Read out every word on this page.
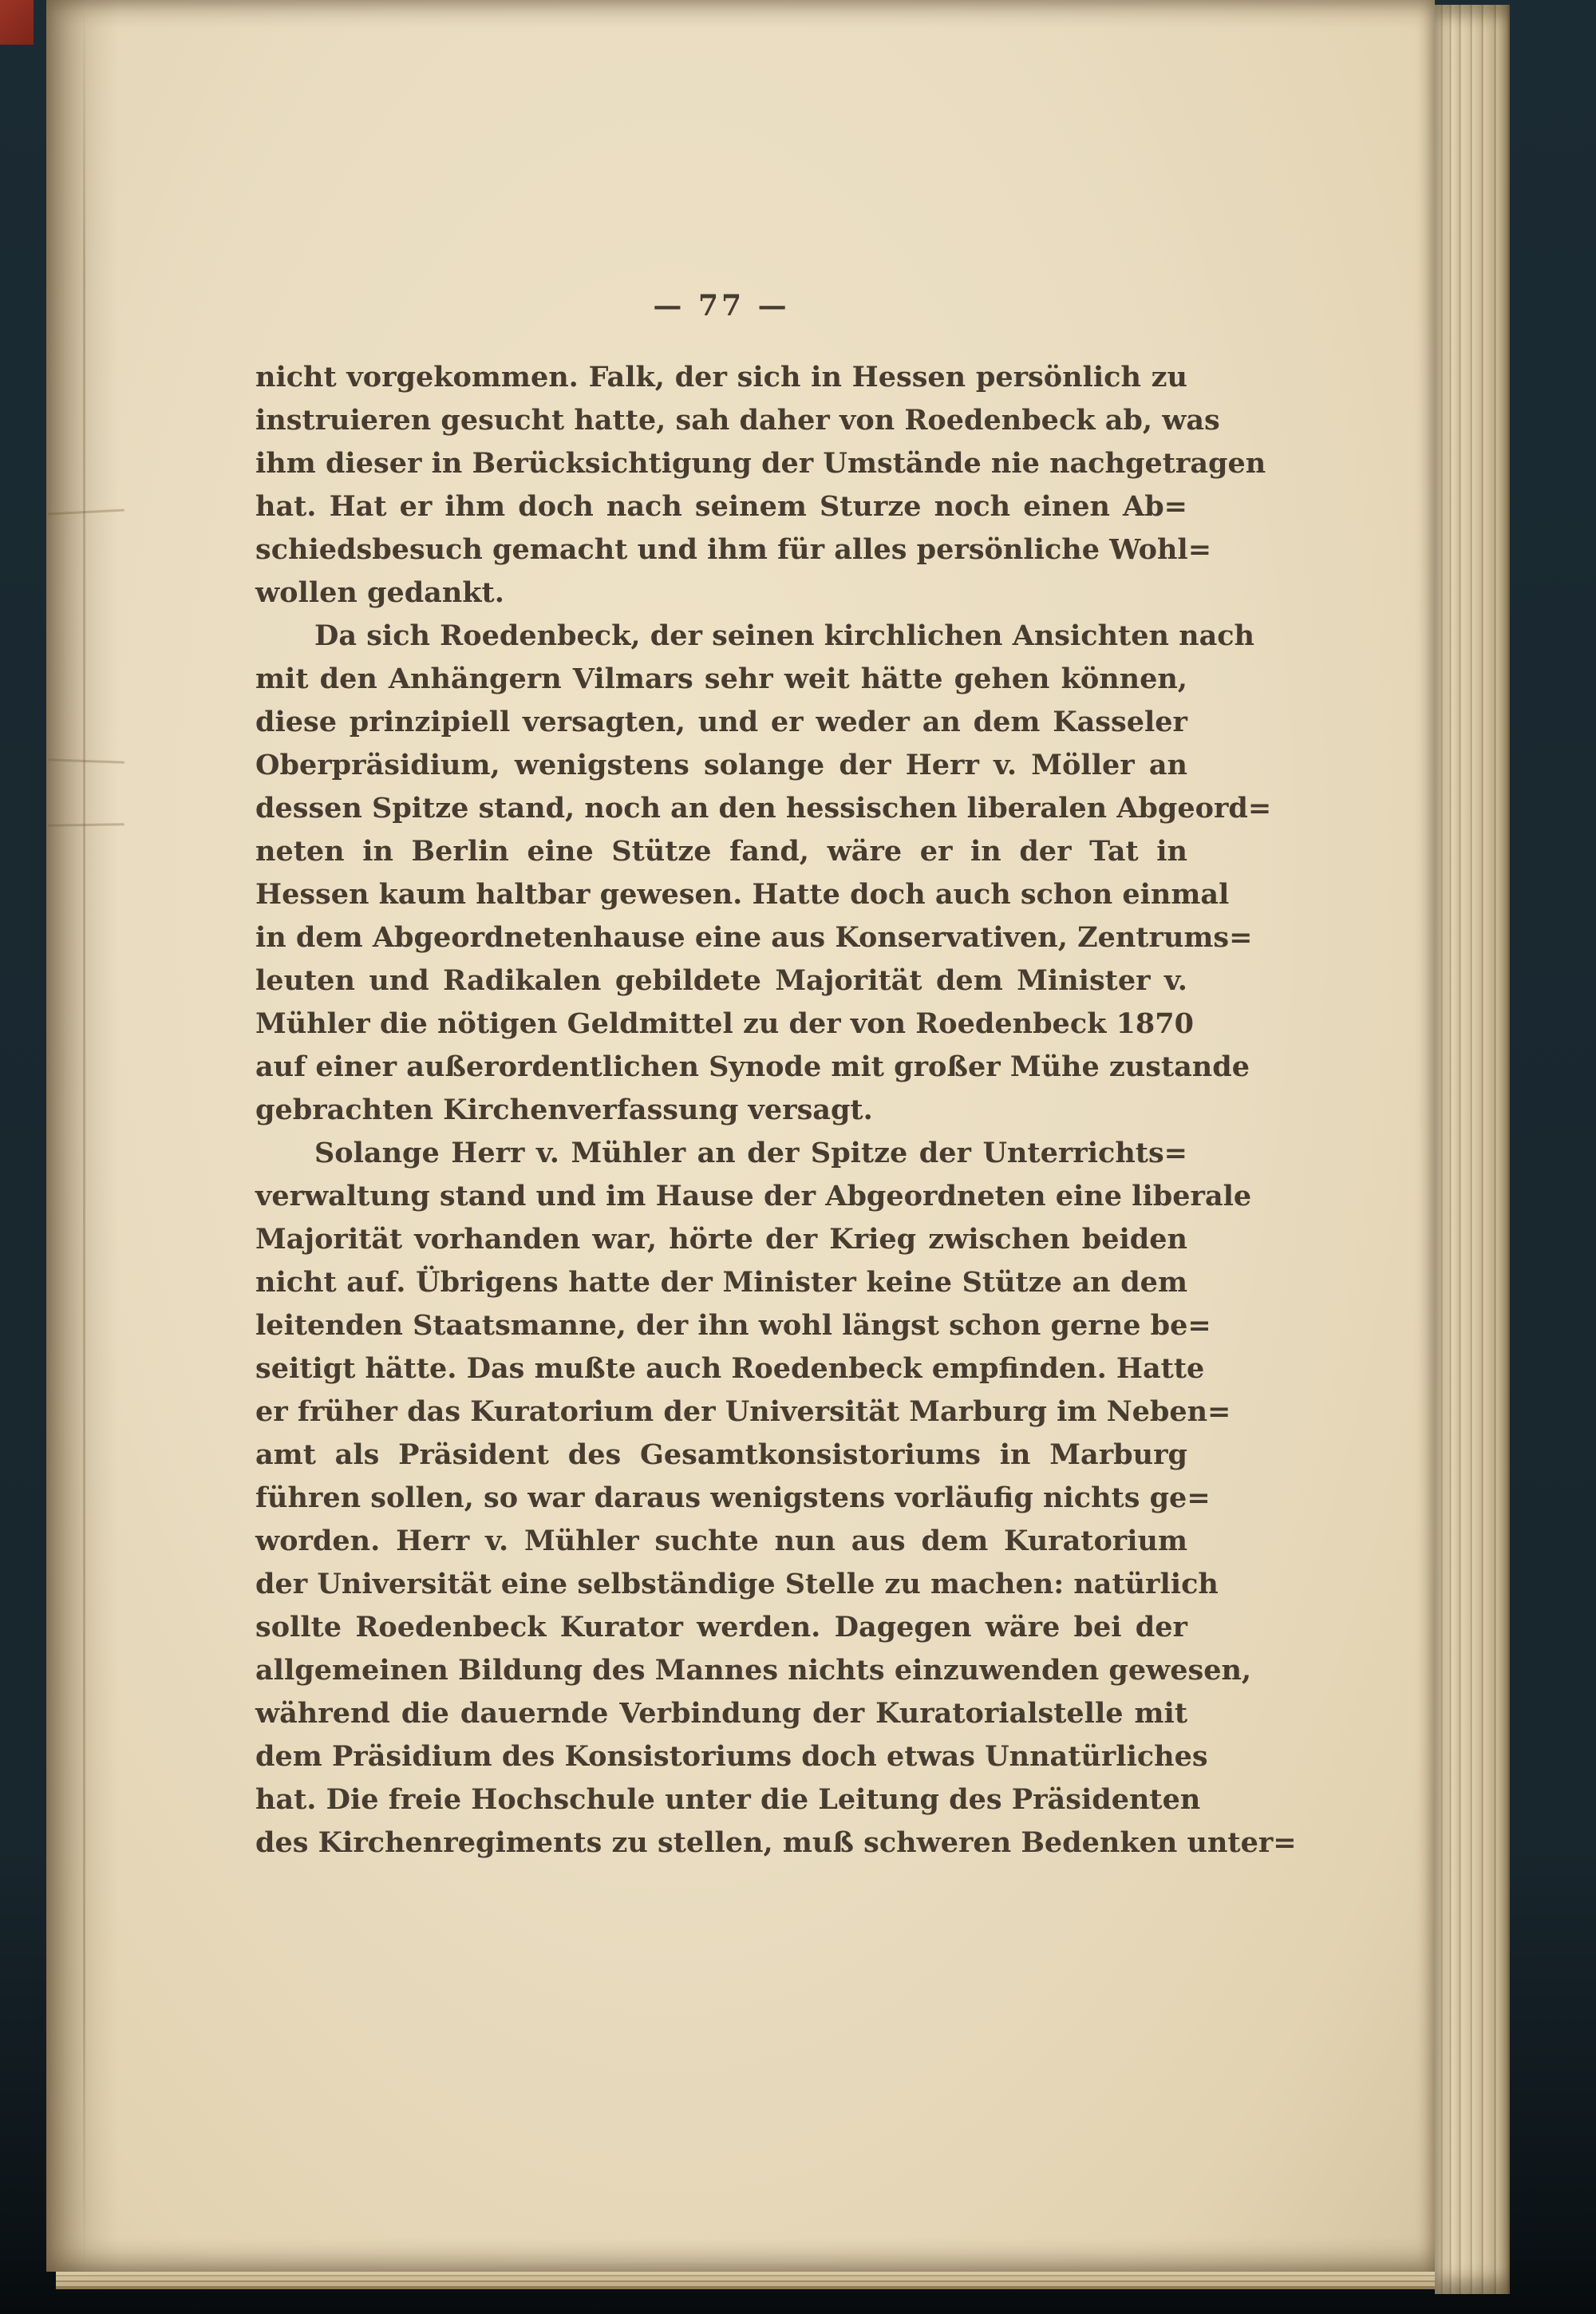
— 77 —
nicht vorgekommen. Falk, der sich in Hessen persönlich zu
instruieren gesucht hatte, sah daher von Roedenbeck ab, was
ihm dieser in Berücksichtigung der Umstände nie nachgetragen
hat. Hat er ihm doch nach seinem Sturze noch einen Ab=
schiedsbesuch gemacht und ihm für alles persönliche Wohl=
wollen gedankt.
Da sich Roedenbeck, der seinen kirchlichen Ansichten nach
mit den Anhängern Vilmars sehr weit hätte gehen können,
diese prinzipiell versagten, und er weder an dem Kasseler
Oberpräsidium, wenigstens solange der Herr v. Möller an
dessen Spitze stand, noch an den hessischen liberalen Abgeord=
neten in Berlin eine Stütze fand, wäre er in der Tat in
Hessen kaum haltbar gewesen. Hatte doch auch schon einmal
in dem Abgeordnetenhause eine aus Konservativen, Zentrums=
leuten und Radikalen gebildete Majorität dem Minister v.
Mühler die nötigen Geldmittel zu der von Roedenbeck 1870
auf einer außerordentlichen Synode mit großer Mühe zustande
gebrachten Kirchenverfassung versagt.
Solange Herr v. Mühler an der Spitze der Unterrichts=
verwaltung stand und im Hause der Abgeordneten eine liberale
Majorität vorhanden war, hörte der Krieg zwischen beiden
nicht auf. Übrigens hatte der Minister keine Stütze an dem
leitenden Staatsmanne, der ihn wohl längst schon gerne be=
seitigt hätte. Das mußte auch Roedenbeck empfinden. Hatte
er früher das Kuratorium der Universität Marburg im Neben=
amt als Präsident des Gesamtkonsistoriums in Marburg
führen sollen, so war daraus wenigstens vorläufig nichts ge=
worden. Herr v. Mühler suchte nun aus dem Kuratorium
der Universität eine selbständige Stelle zu machen: natürlich
sollte Roedenbeck Kurator werden. Dagegen wäre bei der
allgemeinen Bildung des Mannes nichts einzuwenden gewesen,
während die dauernde Verbindung der Kuratorialstelle mit
dem Präsidium des Konsistoriums doch etwas Unnatürliches
hat. Die freie Hochschule unter die Leitung des Präsidenten
des Kirchenregiments zu stellen, muß schweren Bedenken unter=
